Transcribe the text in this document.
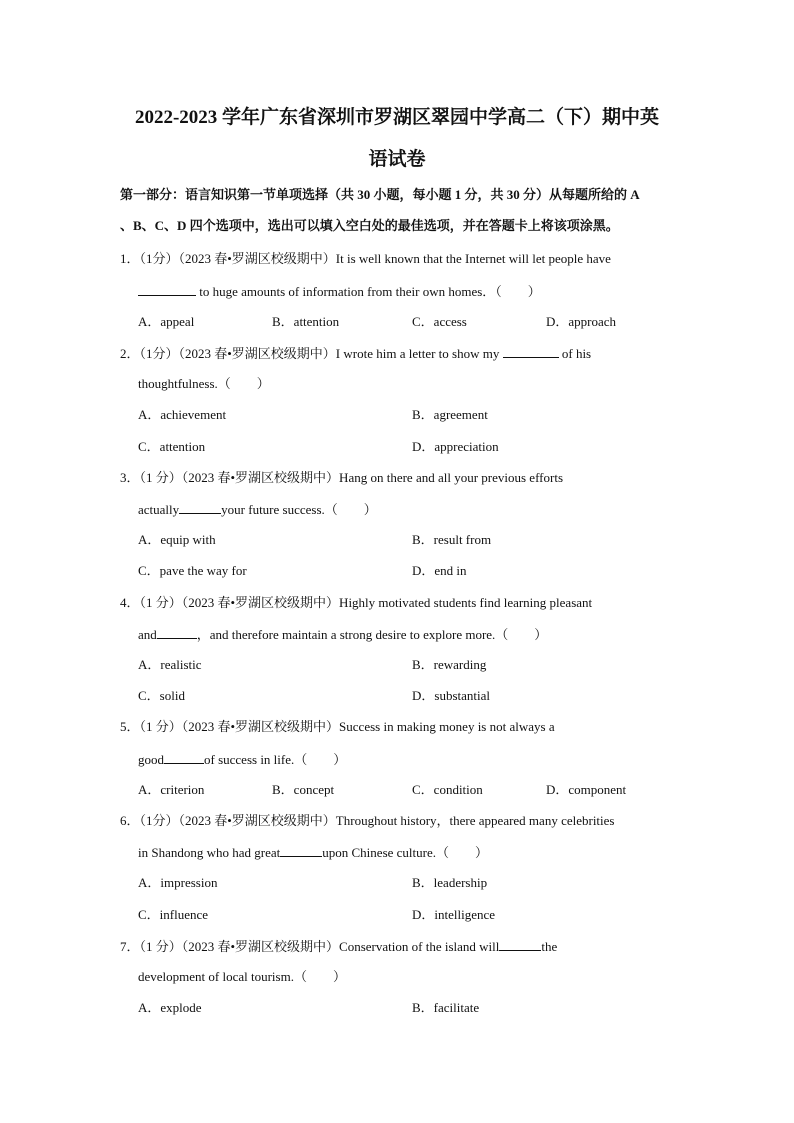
2022-2023 学年广东省深圳市罗湖区翠园中学高二（下）期中英
语试卷
第一部分：语言知识第一节单项选择（共 30 小题，每小题 1 分，共 30 分）从每题所给的 A
、B、C、D 四个选项中，选出可以填入空白处的最佳选项，并在答题卡上将该项涂黑。
1．（1分）（2023 春•罗湖区校级期中）It is well known that the Internet will let people have
to huge amounts of information from their own homes．（　　）
A．appeal	B．attention	C．access	D．approach
2．（1分）（2023 春•罗湖区校级期中）I wrote him a letter to show my	of his
thoughtfulness.（　　）
A．achievement	B．agreement
C．attention	D．appreciation
3．（1 分）（2023 春•罗湖区校级期中）Hang on there and all your previous efforts
actually	your future success.（　　）
A．equip with	B．result from
C．pave the way for	D．end in
4．（1 分）（2023 春•罗湖区校级期中）Highly motivated students find learning pleasant
and	，and therefore maintain a strong desire to explore more.（　　）
A．realistic	B．rewarding
C．solid	D．substantial
5．（1 分）（2023 春•罗湖区校级期中）Success in making money is not always a
good	of success in life.（　　）
A．criterion	B．concept	C．condition	D．component
6．（1分）（2023 春•罗湖区校级期中）Throughout history，there appeared many celebrities
in Shandong who had great	upon Chinese culture.（　　）
A．impression	B．leadership
C．influence	D．intelligence
7．（1 分）（2023 春•罗湖区校级期中）Conservation of the island will	the
development of local tourism.（　　）
A．explode	B．facilitate
